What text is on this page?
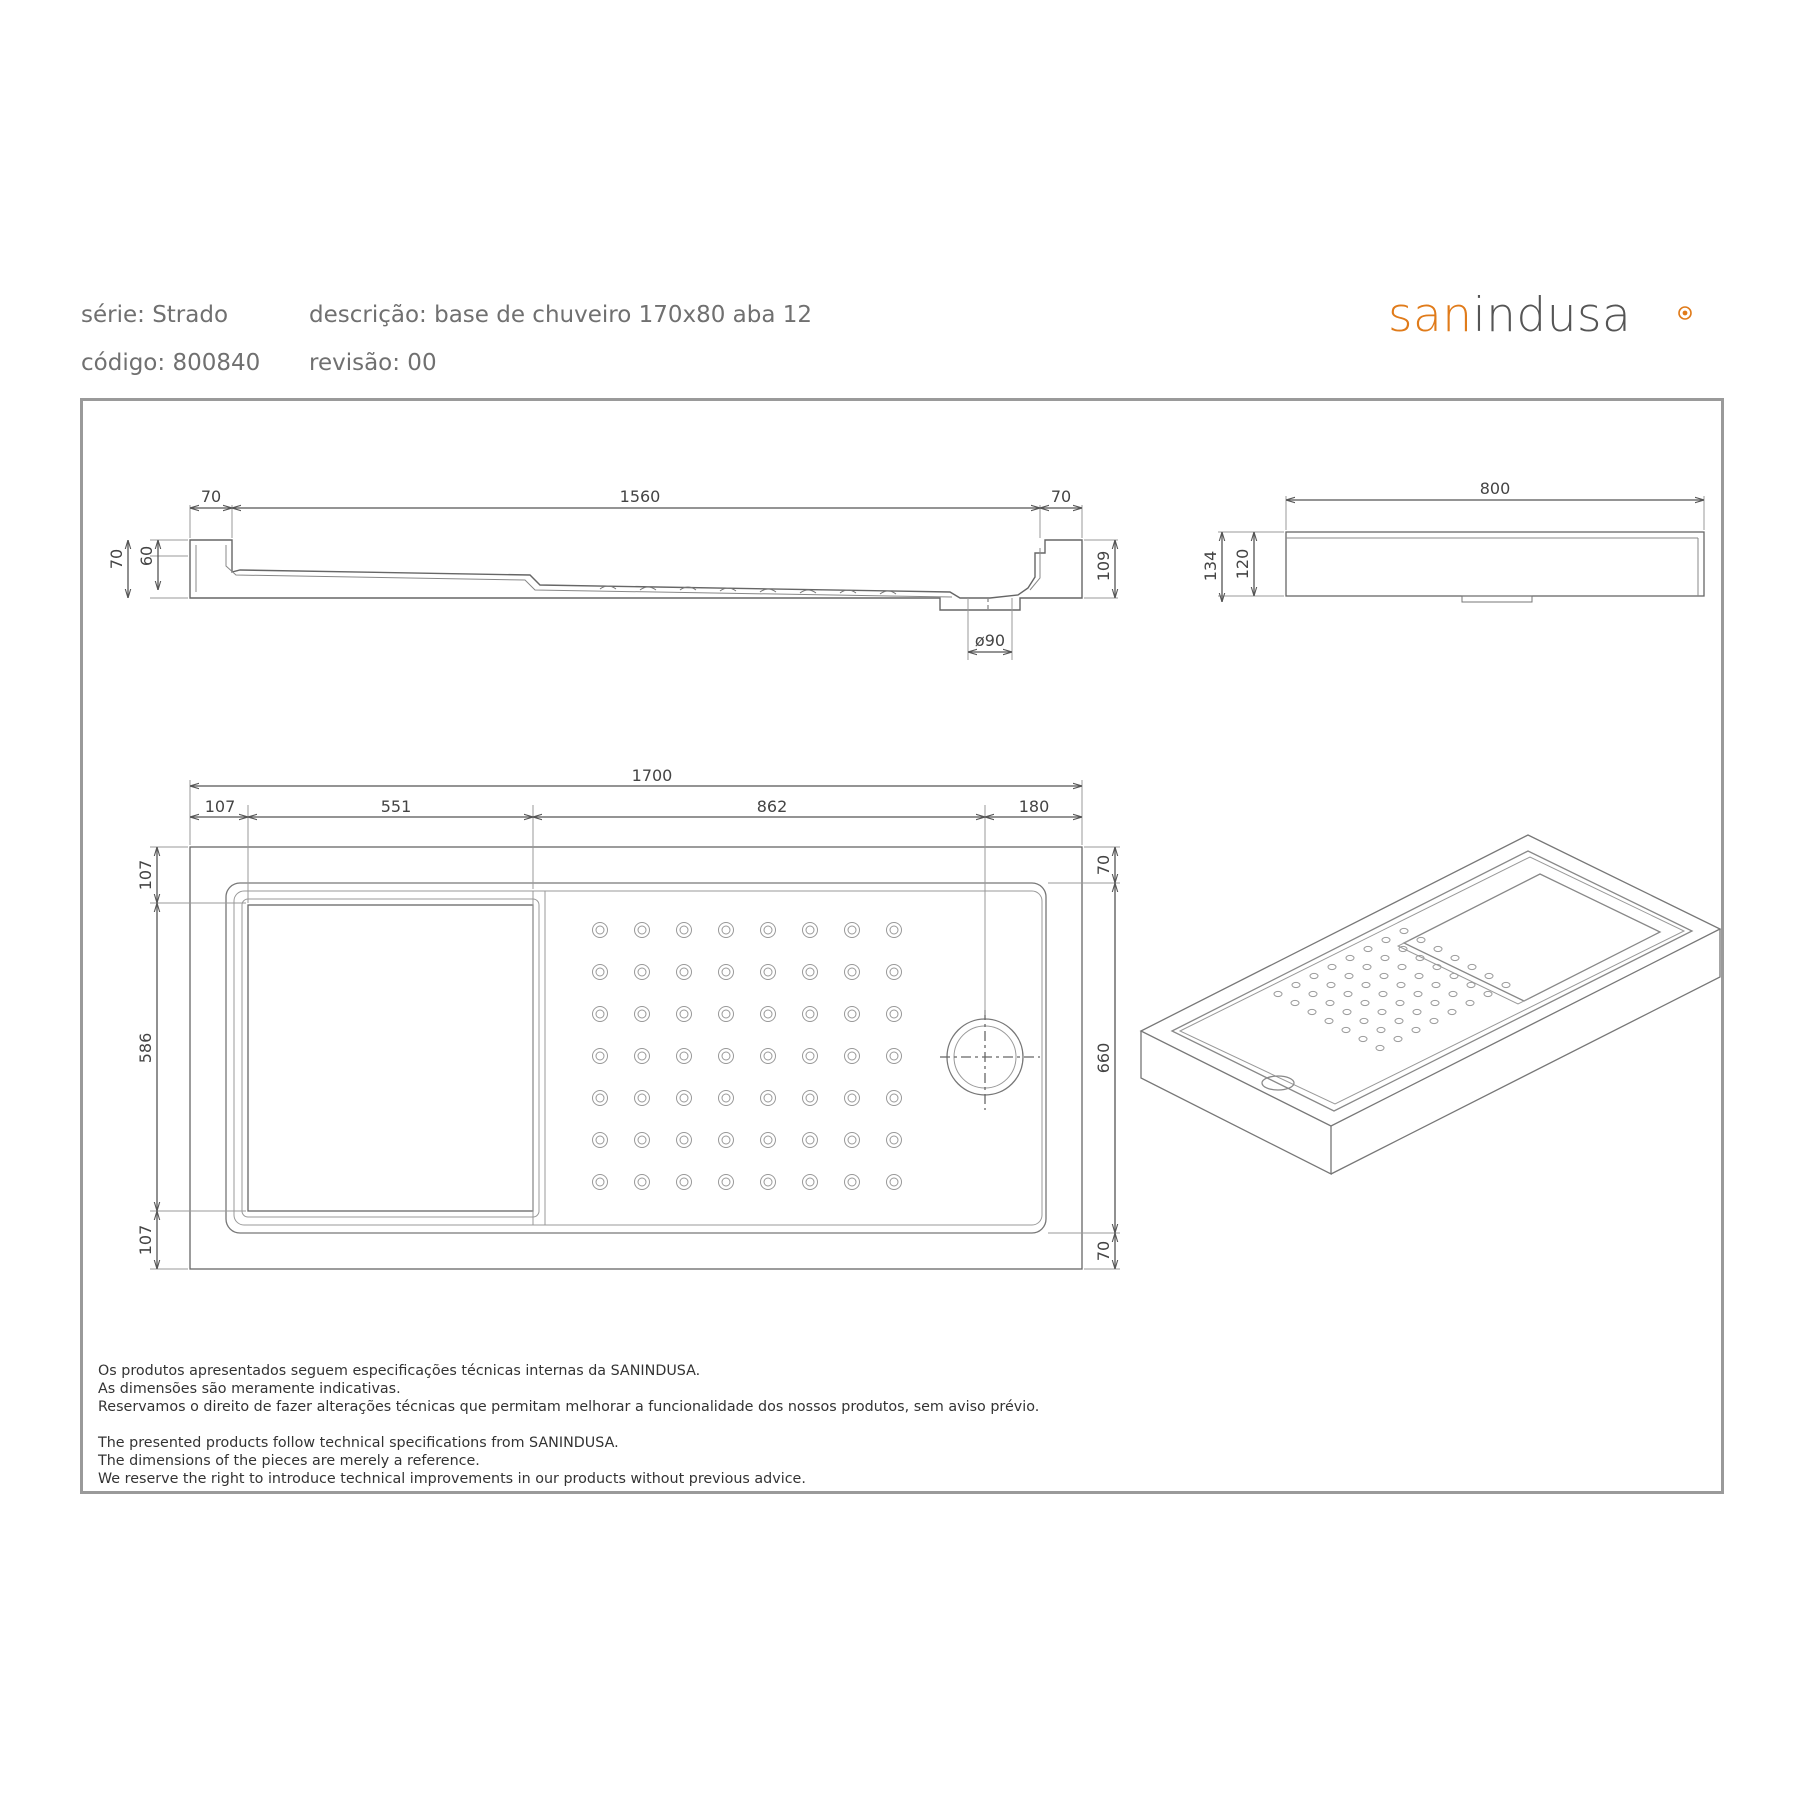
série: Strado	descrição: base de chuveiro 170x80 aba 12
código: 800840 revisão: 00
sanindusa
70	1560	70
70 60	109
ø90
800
134 120
1700
107	551	862	180
107
586
107
70
660
70

Os produtos apresentados seguem especificações técnicas internas da SANINDUSA.

As dimensões são meramente indicativas.

Reservamos o direito de fazer alterações técnicas que permitam melhorar a funcionalidade dos nossos produtos, sem aviso prévio.

The presented products follow technical specifications from SANINDUSA.

The dimensions of the pieces are merely a reference.

We reserve the right to introduce technical improvements in our products without previous advice.
